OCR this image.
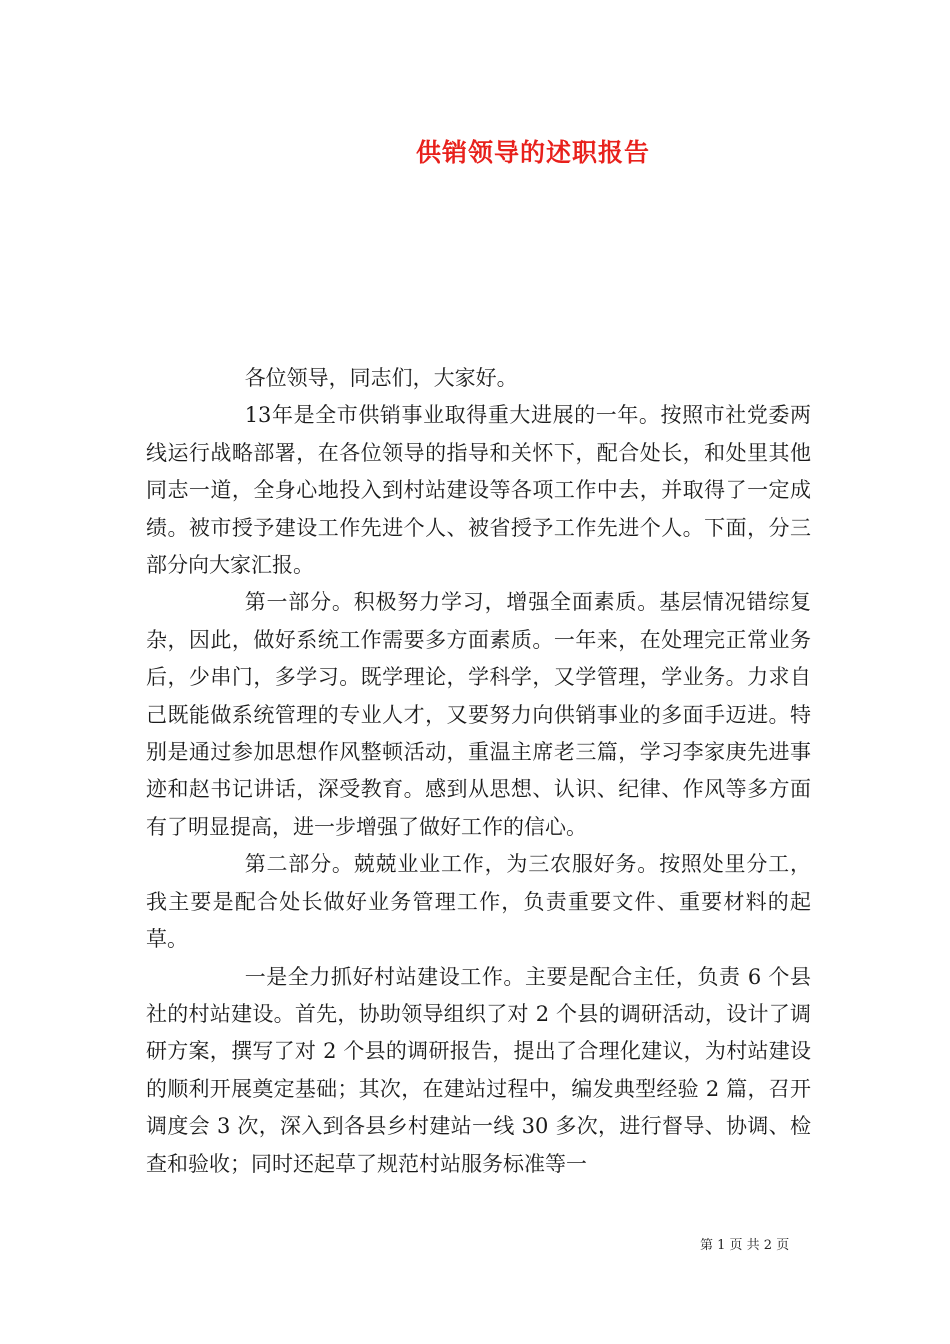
供销领导的述职报告

各位领导，同志们，大家好。

13年是全市供销事业取得重大进展的一年。按照市社党委两线运行战略部署，在各位领导的指导和关怀下，配合处长，和处里其他同志一道，全身心地投入到村站建设等各项工作中去，并取得了一定成绩。被市授予建设工作先进个人、被省授予工作先进个人。下面，分三部分向大家汇报。

第一部分。积极努力学习，增强全面素质。基层情况错综复杂，因此，做好系统工作需要多方面素质。一年来，在处理完正常业务后，少串门，多学习。既学理论，学科学，又学管理，学业务。力求自己既能做系统管理的专业人才，又要努力向供销事业的多面手迈进。特别是通过参加思想作风整顿活动，重温主席老三篇，学习李家庚先进事迹和赵书记讲话，深受教育。感到从思想、认识、纪律、作风等多方面有了明显提高，进一步增强了做好工作的信心。

第二部分。兢兢业业工作，为三农服好务。按照处里分工，我主要是配合处长做好业务管理工作，负责重要文件、重要材料的起草。

一是全力抓好村站建设工作。主要是配合主任，负责 6 个县社的村站建设。首先，协助领导组织了对 2 个县的调研活动，设计了调研方案，撰写了对 2 个县的调研报告，提出了合理化建议，为村站建设的顺利开展奠定基础；其次，在建站过程中，编发典型经验 2 篇，召开调度会 3 次，深入到各县乡村建站一线 30 多次，进行督导、协调、检查和验收；同时还起草了规范村站服务标准等一

第 1 页 共 2 页
